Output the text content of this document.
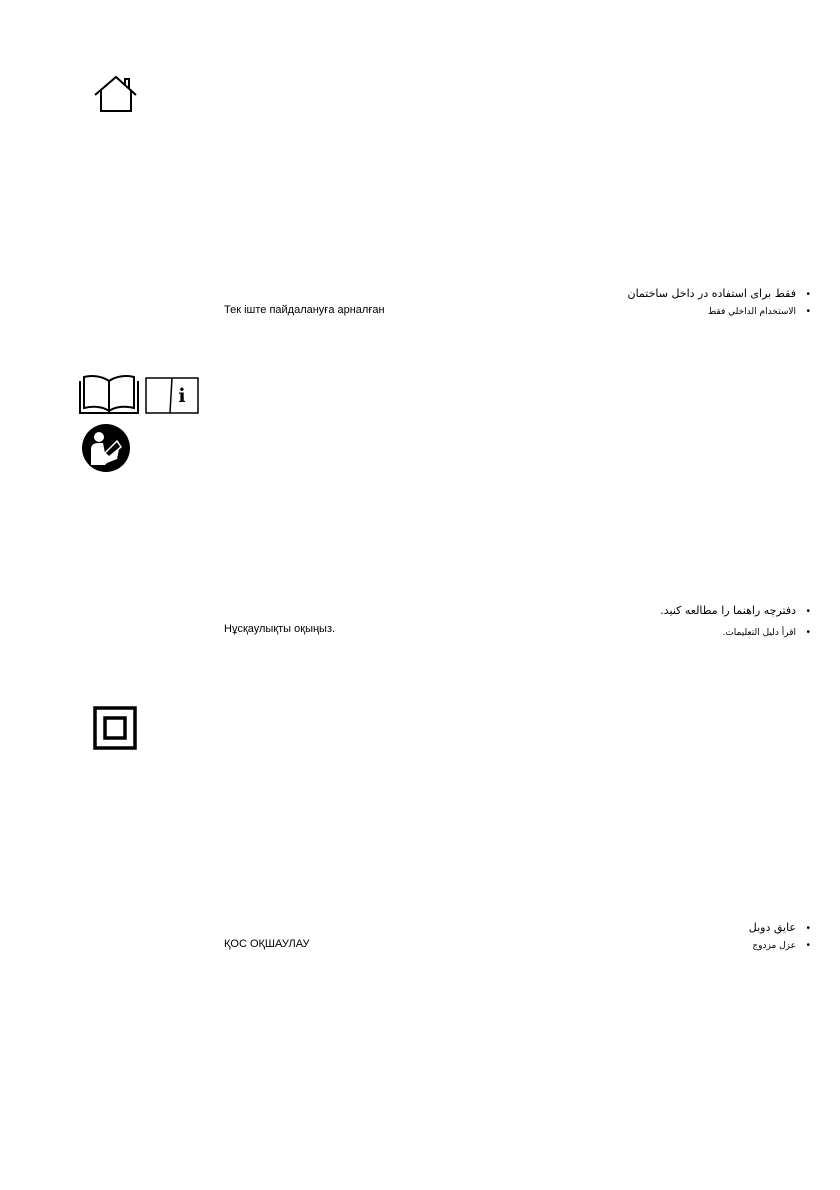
•
فقط برای استفاده در داخل ساختمان
•
الاستخدام الداخلي فقط
Тек іште пайдалануға арналған
i
•
دفترچه راهنما را مطالعه کنید.
•
اقرأ دليل التعليمات.
Нұсқаулықты оқыңыз.
•
عایق دوبل
•
عزل مزدوج
ҚОС ОҚШАУЛАУ
